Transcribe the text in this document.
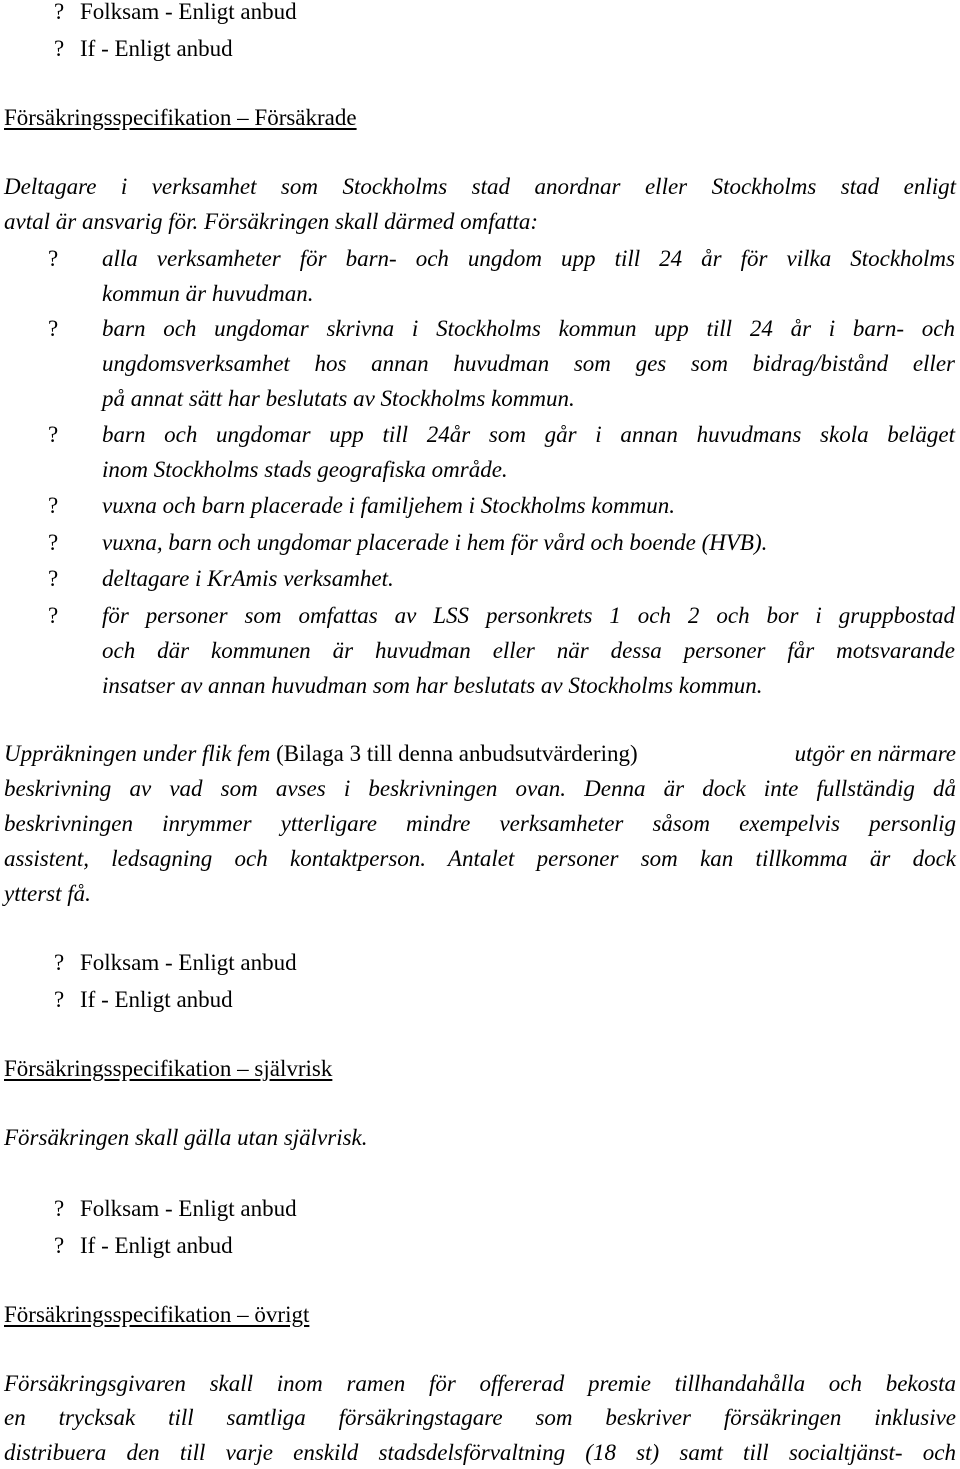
? Folksam - Enligt anbud
? If - Enligt anbud
Försäkringsspecifikation – Försäkrade
Deltagare i verksamhet som Stockholms stad anordnar eller Stockholms stad enligt
avtal är ansvarig för. Försäkringen skall därmed omfatta:
? alla verksamheter för barn- och ungdom upp till 24 år för vilka Stockholms
kommun är huvudman.
? barn och ungdomar skrivna i Stockholms kommun upp till 24 år i barn- och
ungdomsverksamhet hos annan huvudman som ges som bidrag/bistånd eller
på annat sätt har beslutats av Stockholms kommun.
? barn och ungdomar upp till 24år som går i annan huvudmans skola beläget
inom Stockholms stads geografiska område.
? vuxna och barn placerade i familjehem i Stockholms kommun.
? vuxna, barn och ungdomar placerade i hem för vård och boende (HVB).
? deltagare i KrAmis verksamhet.
? för personer som omfattas av LSS personkrets 1 och 2 och bor i gruppbostad
och där kommunen är huvudman eller när dessa personer får motsvarande
insatser av annan huvudman som har beslutats av Stockholms kommun.
Uppräkningen under flik fem (Bilaga 3 till denna anbudsutvärdering)	utgör en närmare
beskrivning av vad som avses i beskrivningen ovan. Denna är dock inte fullständig då
beskrivningen inrymmer ytterligare mindre verksamheter såsom exempelvis personlig
assistent, ledsagning och kontaktperson. Antalet personer som kan tillkomma är dock
ytterst få.
? Folksam - Enligt anbud
? If - Enligt anbud
Försäkringsspecifikation – självrisk
Försäkringen skall gälla utan självrisk.
? Folksam - Enligt anbud
? If - Enligt anbud
Försäkringsspecifikation – övrigt
Försäkringsgivaren skall inom ramen för offererad premie tillhandahålla och bekosta
en trycksak till samtliga försäkringstagare som beskriver försäkringen inklusive
distribuera den till varje enskild stadsdelsförvaltning (18 st) samt till socialtjänst- och
